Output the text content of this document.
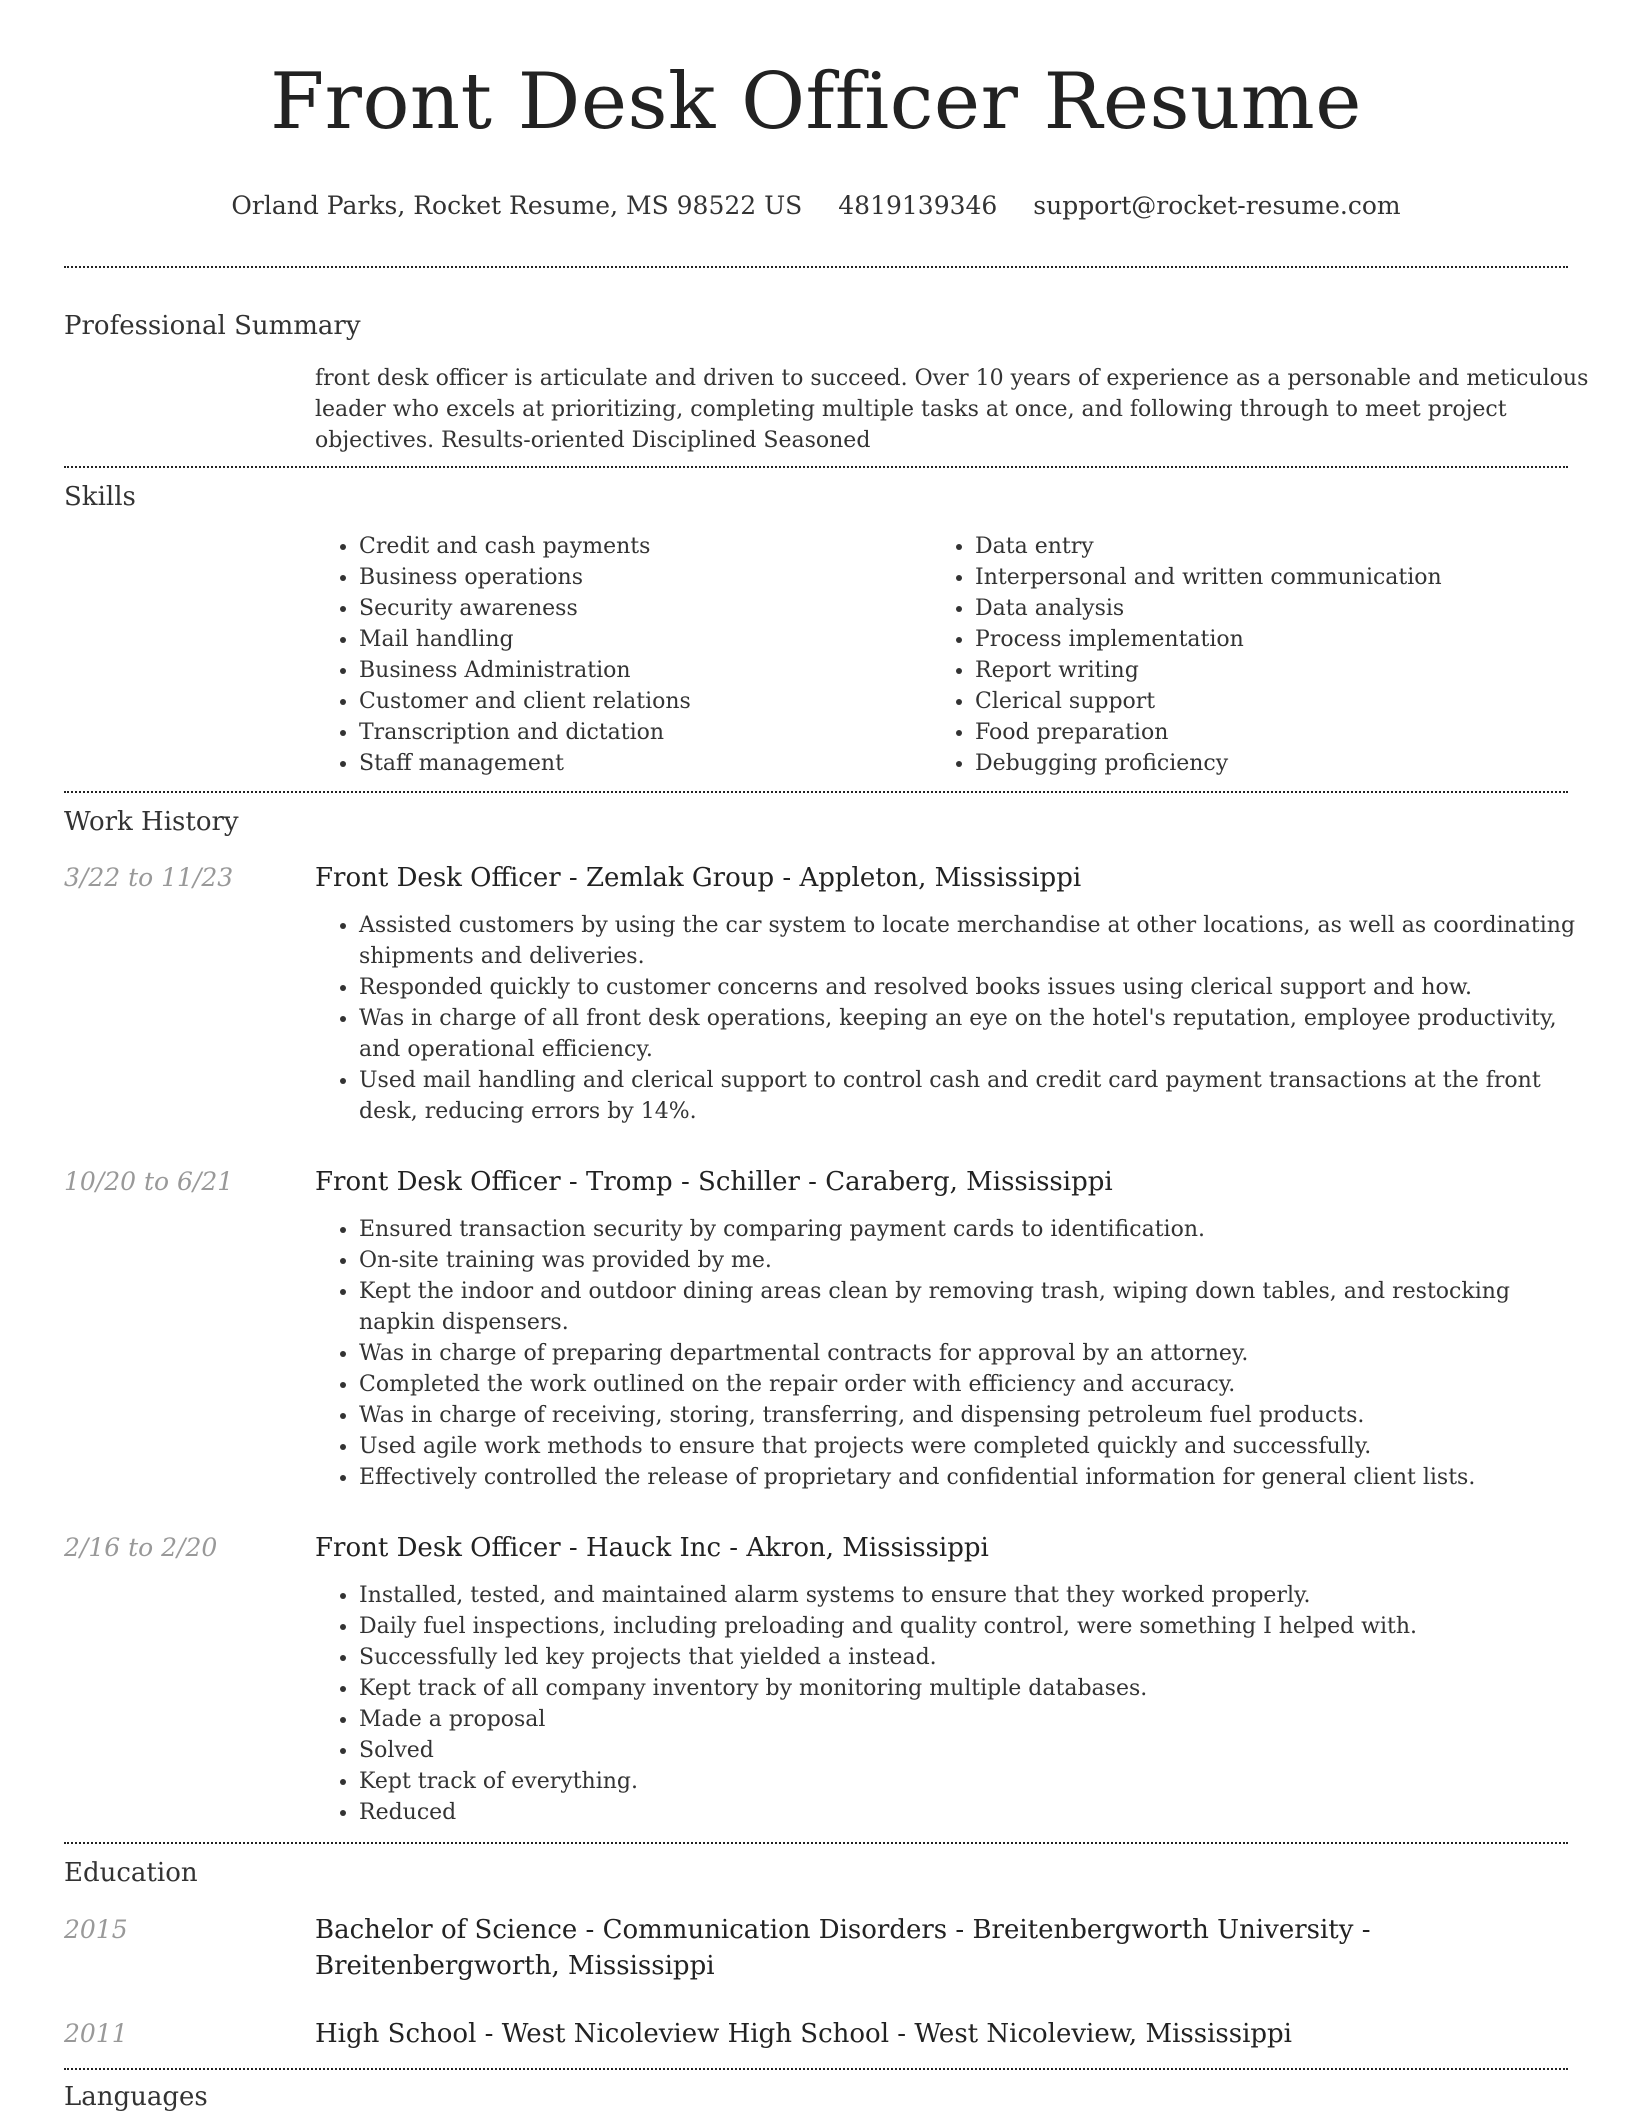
Front Desk Officer Resume
Orland Parks, Rocket Resume, MS 98522 US 4819139346 support@rocket-resume.com
Professional Summary
front desk officer is articulate and driven to succeed. Over 10 years of experience as a personable and meticulous leader who excels at prioritizing, completing multiple tasks at once, and following through to meet project objectives. Results-oriented Disciplined Seasoned
Skills
• Credit and cash payments
• Business operations
• Security awareness
• Mail handling
• Business Administration
• Customer and client relations
• Transcription and dictation
• Staff management
• Data entry
• Interpersonal and written communication
• Data analysis
• Process implementation
• Report writing
• Clerical support
• Food preparation
• Debugging proficiency
Work History
3/22 to 11/23	Front Desk Officer - Zemlak Group - Appleton, Mississippi
• Assisted customers by using the car system to locate merchandise at other locations, as well as coordinating shipments and deliveries.
• Responded quickly to customer concerns and resolved books issues using clerical support and how.
• Was in charge of all front desk operations, keeping an eye on the hotel's reputation, employee productivity, and operational efficiency.
• Used mail handling and clerical support to control cash and credit card payment transactions at the front desk, reducing errors by 14%.
10/20 to 6/21	Front Desk Officer - Tromp - Schiller - Caraberg, Mississippi
• Ensured transaction security by comparing payment cards to identification.
• On-site training was provided by me.
• Kept the indoor and outdoor dining areas clean by removing trash, wiping down tables, and restocking napkin dispensers.
• Was in charge of preparing departmental contracts for approval by an attorney.
• Completed the work outlined on the repair order with efficiency and accuracy.
• Was in charge of receiving, storing, transferring, and dispensing petroleum fuel products.
• Used agile work methods to ensure that projects were completed quickly and successfully.
• Effectively controlled the release of proprietary and confidential information for general client lists.
2/16 to 2/20	Front Desk Officer - Hauck Inc - Akron, Mississippi
• Installed, tested, and maintained alarm systems to ensure that they worked properly.
• Daily fuel inspections, including preloading and quality control, were something I helped with.
• Successfully led key projects that yielded a instead.
• Kept track of all company inventory by monitoring multiple databases.
• Made a proposal
• Solved
• Kept track of everything.
• Reduced
Education
2015	Bachelor of Science - Communication Disorders - Breitenbergworth University - Breitenbergworth, Mississippi
2011	High School - West Nicoleview High School - West Nicoleview, Mississippi
Languages
